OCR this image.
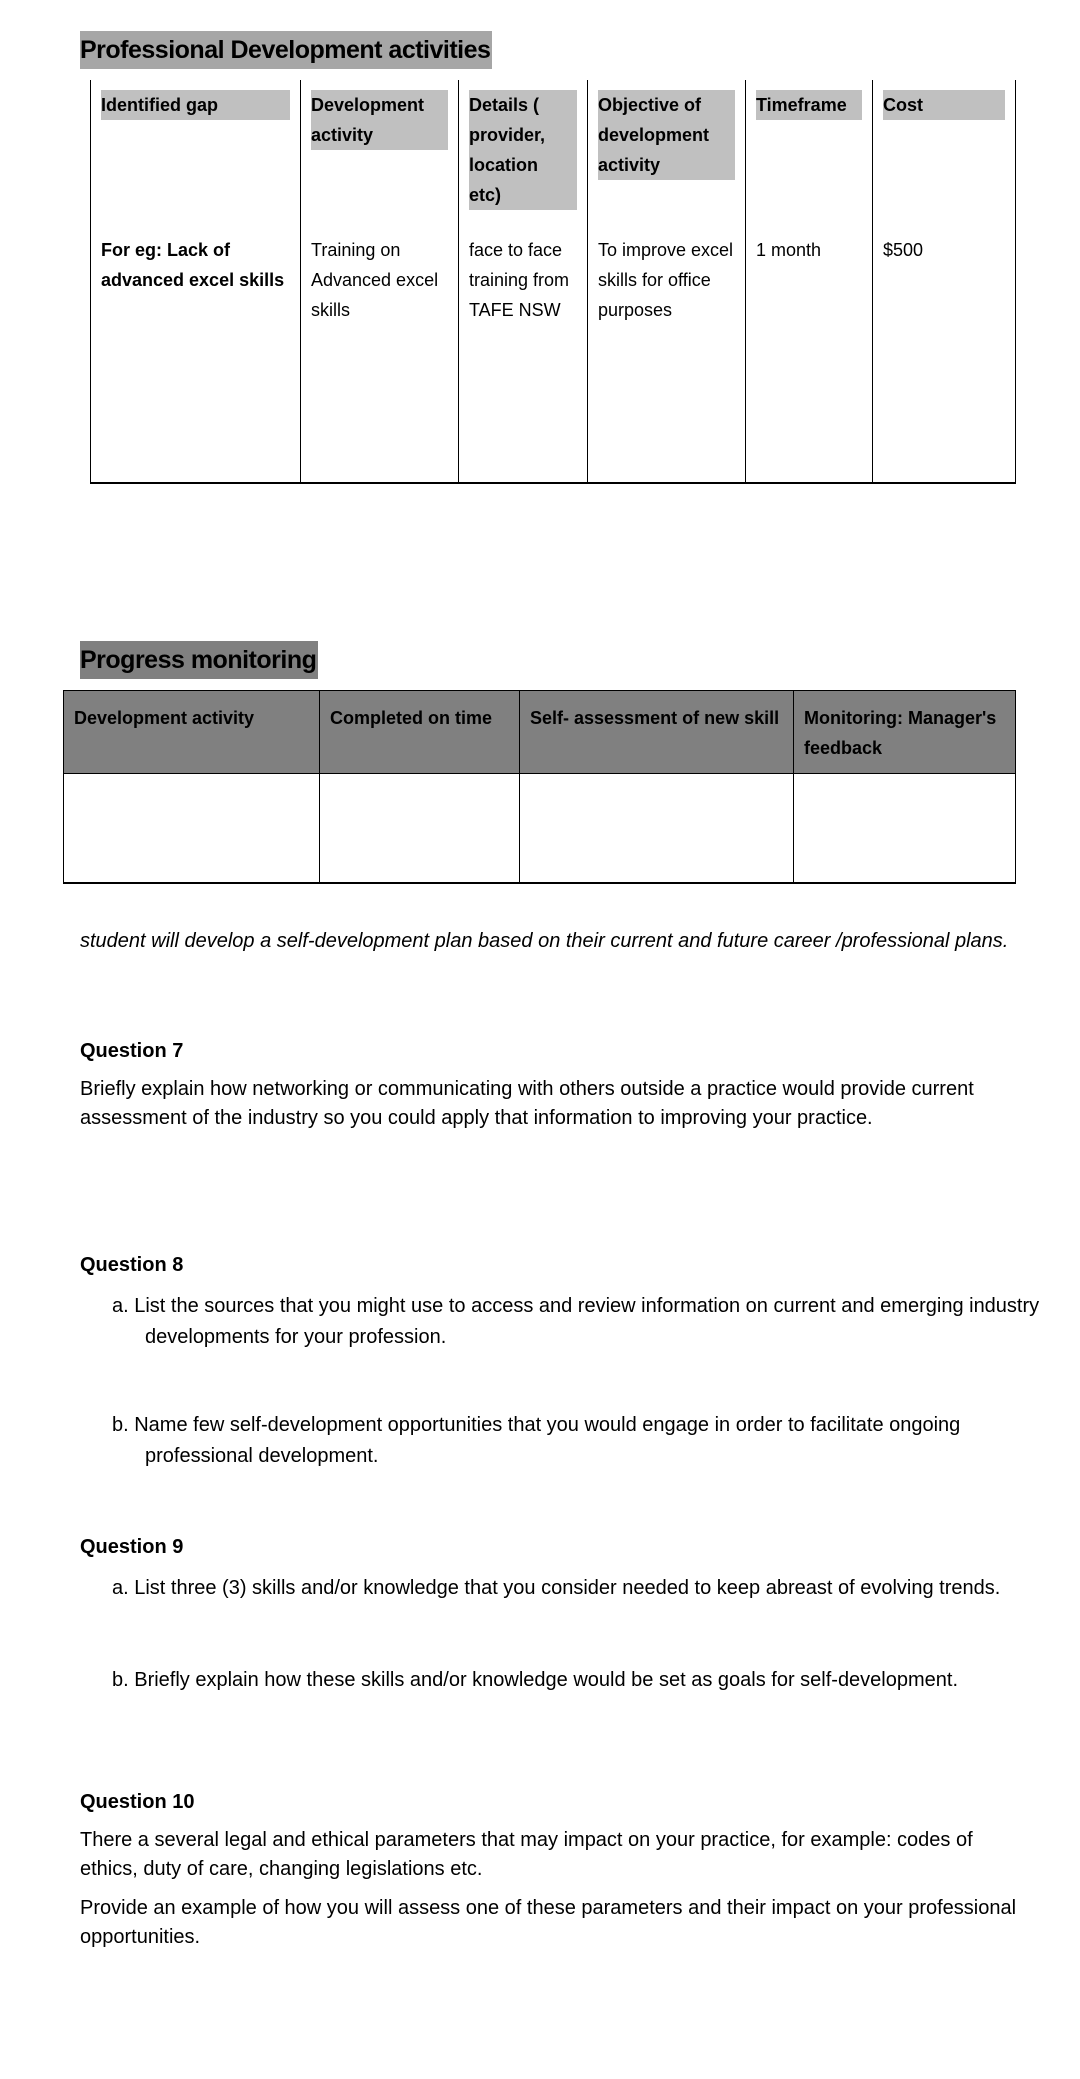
Professional Development activities
Identified gap	Development activity	Details ( provider, location etc)	Objective of development activity	Timeframe	Cost

For eg: Lack of advanced excel skills	Training on Advanced excel skills	face to face training from TAFE NSW	To improve excel skills for office purposes	1 month	$500

Progress monitoring
Development activity	Completed on time	Self- assessment of new skill	Monitoring: Manager's feedback

student will develop a self-development plan based on their current and future career /professional plans.
Question 7
Briefly explain how networking or communicating with others outside a practice would provide current assessment of the industry so you could apply that information to improving your practice.
Question 8
a. List the sources that you might use to access and review information on current and emerging industry developments for your profession.
b. Name few self-development opportunities that you would engage in order to facilitate ongoing professional development.
Question 9
a. List three (3) skills and/or knowledge that you consider needed to keep abreast of evolving trends.
b. Briefly explain how these skills and/or knowledge would be set as goals for self-development.
Question 10
There a several legal and ethical parameters that may impact on your practice, for example: codes of ethics, duty of care, changing legislations etc.
Provide an example of how you will assess one of these parameters and their impact on your professional opportunities.
